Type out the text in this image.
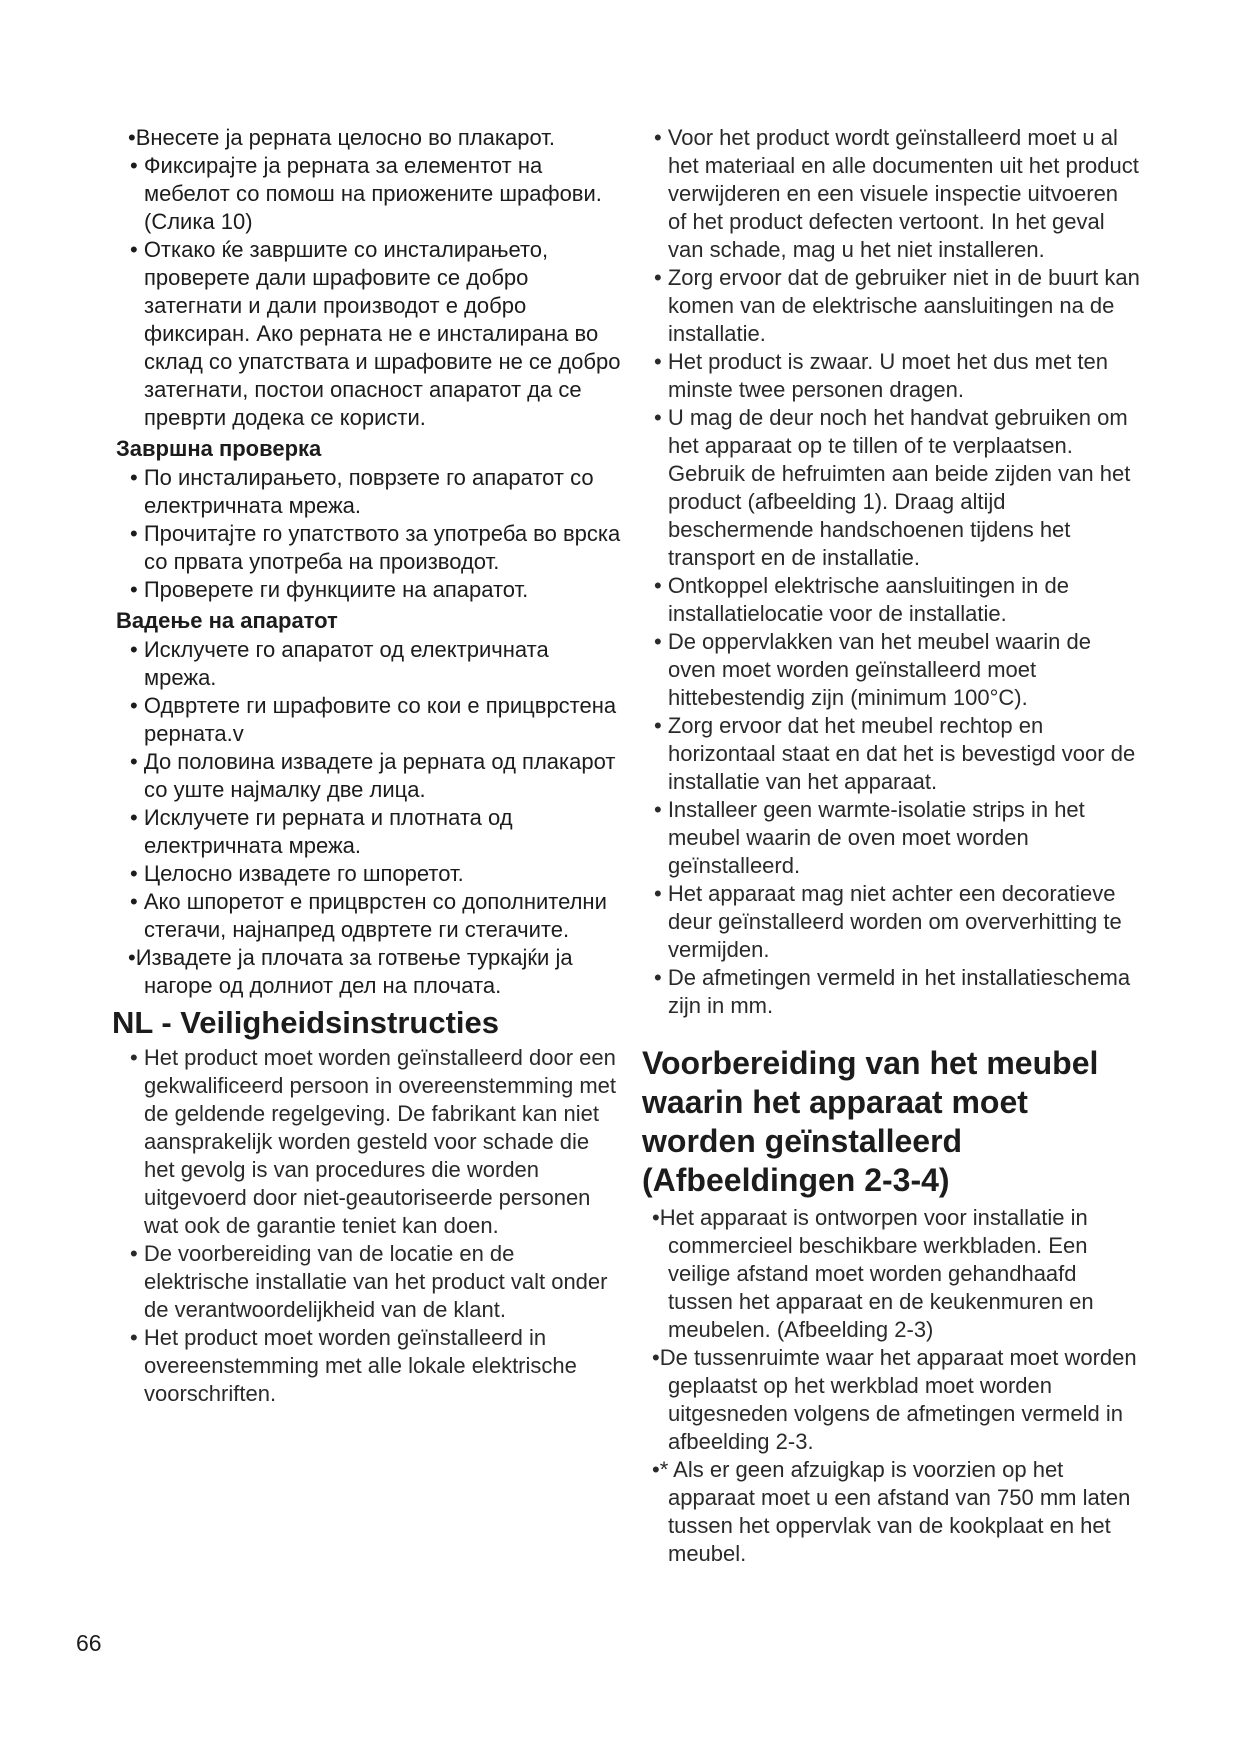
•Внесете ја рерната целосно во плакарот.

• Фиксирајте ја рерната за елементот на мебелот со помош на приожените шрафови. (Слика 10)

• Откако ќе завршите со инсталирањето, проверете дали шрафовите се добро затегнати и дали производот е добро фиксиран. Ако рерната не е инсталирана во склад со упатствата и шрафовите не се добро затегнати, постои опасност апаратот да се преврти додека се користи.

Завршна проверка

• По инсталирањето, поврзете го апаратот со електричната мрежа.

• Прочитајте го упатството за употреба во врска со првата употреба на производот.

• Проверете ги функциите на апаратот.

Вадење на апаратот

• Исклучете го апаратот од електричната мрежа.

• Одвртете ги шрафовите со кои е прицврстена рерната.v

• До половина извадете ја рерната од плакарот со уште најмалку две лица.

• Исклучете ги рерната и плотната од електричната мрежа.

• Целосно извадете го шпоретот.

• Ако шпоретот е прицврстен со дополнителни стегачи, најнапред одвртете ги стегачите.

•Извадете ја плочата за готвење туркајќи ја нагоре од долниот дел на плочата.

NL - Veiligheidsinstructies

• Het product moet worden geïnstalleerd door een gekwalificeerd persoon in overeenstemming met de geldende regelgeving. De fabrikant kan niet aansprakelijk worden gesteld voor schade die het gevolg is van procedures die worden uitgevoerd door niet-geautoriseerde personen wat ook de garantie teniet kan doen.

• De voorbereiding van de locatie en de elektrische installatie van het product valt onder de verantwoordelijkheid van de klant.

• Het product moet worden geïnstalleerd in overeenstemming met alle lokale elektrische voorschriften.

• Voor het product wordt geïnstalleerd moet u al het materiaal en alle documenten uit het product verwijderen en een visuele inspectie uitvoeren of het product defecten vertoont. In het geval van schade, mag u het niet installeren.

• Zorg ervoor dat de gebruiker niet in de buurt kan komen van de elektrische aansluitingen na de installatie.

• Het product is zwaar. U moet het dus met ten minste twee personen dragen.

• U mag de deur noch het handvat gebruiken om het apparaat op te tillen of te verplaatsen. Gebruik de hefruimten aan beide zijden van het product (afbeelding 1). Draag altijd beschermende handschoenen tijdens het transport en de installatie.

• Ontkoppel elektrische aansluitingen in de installatielocatie voor de installatie.

• De oppervlakken van het meubel waarin de oven moet worden geïnstalleerd moet hittebestendig zijn (minimum 100°C).

• Zorg ervoor dat het meubel rechtop en horizontaal staat en dat het is bevestigd voor de installatie van het apparaat.

• Installeer geen warmte-isolatie strips in het meubel waarin de oven moet worden geïnstalleerd.

• Het apparaat mag niet achter een decoratieve deur geïnstalleerd worden om oververhitting te vermijden.

• De afmetingen vermeld in het installatieschema zijn in mm.

Voorbereiding van het meubel waarin het apparaat moet worden geïnstalleerd (Afbeeldingen 2-3-4)

•Het apparaat is ontworpen voor installatie in commercieel beschikbare werkbladen. Een veilige afstand moet worden gehandhaafd tussen het apparaat en de keukenmuren en meubelen. (Afbeelding 2-3)

•De tussenruimte waar het apparaat moet worden geplaatst op het werkblad moet worden uitgesneden volgens de afmetingen vermeld in afbeelding 2-3.

•* Als er geen afzuigkap is voorzien op het apparaat moet u een afstand van 750 mm laten tussen het oppervlak van de kookplaat en het meubel.

66
